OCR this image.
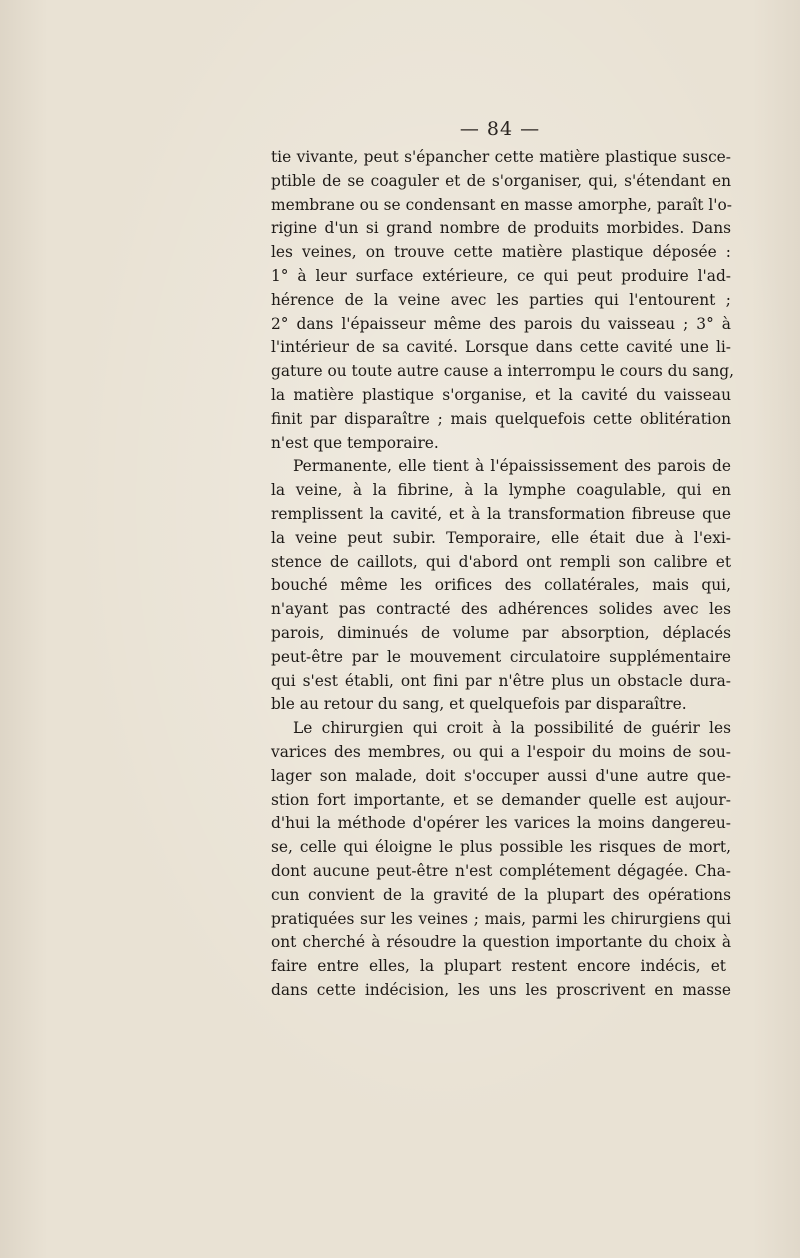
— 84 —
tie vivante, peut s'épancher cette matière plastique susce-
ptible de se coaguler et de s'organiser, qui, s'étendant en
membrane ou se condensant en masse amorphe, paraît l'o-
rigine d'un si grand nombre de produits morbides. Dans
les veines, on trouve cette matière plastique déposée :
1° à leur surface extérieure, ce qui peut produire l'ad-
hérence de la veine avec les parties qui l'entourent ;
2° dans l'épaisseur même des parois du vaisseau ; 3° à
l'intérieur de sa cavité. Lorsque dans cette cavité une li-
gature ou toute autre cause a interrompu le cours du sang,
la matière plastique s'organise, et la cavité du vaisseau
finit par disparaître ; mais quelquefois cette oblitération
n'est que temporaire.
Permanente, elle tient à l'épaississement des parois de
la veine, à la fibrine, à la lymphe coagulable, qui en
remplissent la cavité, et à la transformation fibreuse que
la veine peut subir. Temporaire, elle était due à l'exi-
stence de caillots, qui d'abord ont rempli son calibre et
bouché même les orifices des collatérales, mais qui,
n'ayant pas contracté des adhérences solides avec les
parois, diminués de volume par absorption, déplacés
peut-être par le mouvement circulatoire supplémentaire
qui s'est établi, ont fini par n'être plus un obstacle dura-
ble au retour du sang, et quelquefois par disparaître.
Le chirurgien qui croit à la possibilité de guérir les
varices des membres, ou qui a l'espoir du moins de sou-
lager son malade, doit s'occuper aussi d'une autre que-
stion fort importante, et se demander quelle est aujour-
d'hui la méthode d'opérer les varices la moins dangereu-
se, celle qui éloigne le plus possible les risques de mort,
dont aucune peut-être n'est complétement dégagée. Cha-
cun convient de la gravité de la plupart des opérations
pratiquées sur les veines ; mais, parmi les chirurgiens qui
ont cherché à résoudre la question importante du choix à
faire entre elles, la plupart restent encore indécis, et
dans cette indécision, les uns les proscrivent en masse
